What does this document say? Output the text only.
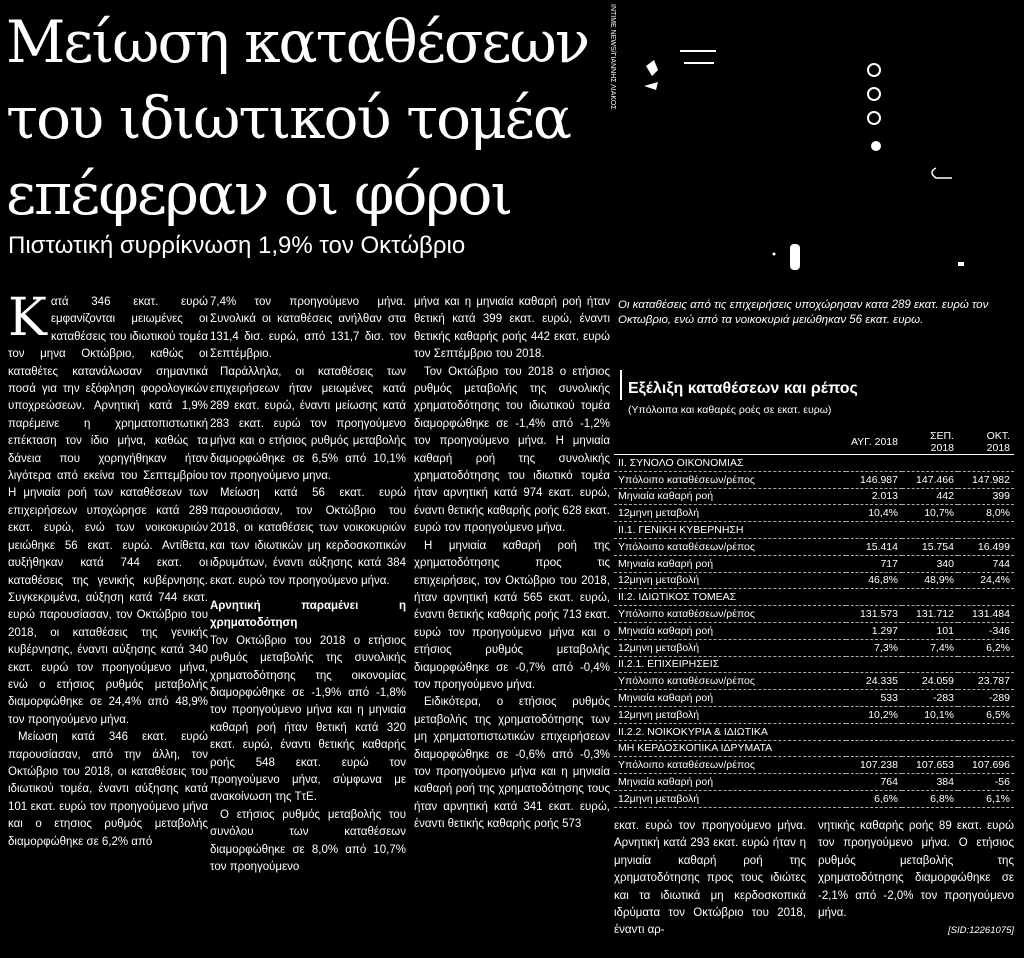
Μείωση καταθέσεων του ιδιωτικού τομέα επέφεραν οι φόροι
Πιστωτική συρρίκνωση 1,9% τον Οκτώβριο
INTIME NEWS/ΓΙΑΝΝΗΣ ΛΙΑΚΟΣ
Κ ατά 346 εκατ. ευρώ εμφανίζονται μειωμένες οι καταθέσεις του ιδιωτικού τομέα τον μηνα Οκτώβριο, καθώς οι καταθέτες κατανάλωσαν σημαντικά ποσά για την εξόφληση φορολογικών υποχρεώσεων. Αρνητική κατά 1,9% παρέμεινε η χρηματοπιστωτική επέκταση τον ίδιο μήνα, καθώς τα δάνεια που χορηγήθηκαν ήταν λιγότερα από εκείνα του Σεπτεμβρίου Η μηνιαία ροή των καταθέσεων των επιχειρήσεων υποχώρησε κατά 289 εκατ. ευρώ, ενώ των νοικοκυριών μειώθηκε 56 εκατ. ευρώ. Αντίθετα, αυξήθηκαν κατά 744 εκατ. οι καταθέσεις της γενικής κυβέρνησης. Συγκεκριμένα, αύξηση κατά 744 εκατ. ευρώ παρουσίασαν, τον Οκτώβριο του 2018, οι καταθέσεις της γενικής κυβέρνησης, έναντι αύξησης κατά 340 εκατ. ευρώ τον προηγούμενο μήνα, ενώ ο ετήσιος ρυθμός μεταβολής διαμορφώθηκε σε 24,4% από 48,9% τον προηγούμενο μήνα.

Μείωση κατά 346 εκατ. ευρώ παρουσίασαν, από την άλλη, τον Οκτώβριο του 2018, οι καταθέσεις του ιδιωτικού τομέα, έναντι αύξησης κατά 101 εκατ. ευρώ τον προηγούμενο μήνα και ο ετησιος ρυθμός μεταβολής διαμορφώθηκε σε 6,2% από

7,4% τον προηγούμενο μήνα. Συνολικά οι καταθέσεις ανήλθαν στα 131,4 δισ. ευρώ, από 131,7 δισ. τον Σεπτέμβριο.

Παράλληλα, οι καταθέσεις των επιχειρήσεων ήταν μειωμένες κατά 289 εκατ. ευρώ, έναντι μείωσης κατά 283 εκατ. ευρώ τον προηγούμενο μήνα και ο ετήσιος ρυθμός μεταβολής διαμορφώθηκε σε 6,5% από 10,1% τον προηγούμενο μηνα.

Μείωση κατά 56 εκατ. ευρώ παρουσιάσαν, τον Οκτώβριο του 2018, οι καταθέσεις των νοικοκυριών και των ιδιωτικών μη κερδοσκοπικών ιδρυμάτων, έναντι αύξησης κατά 384 εκατ. ευρώ τον προηγούμενο μήνα.

Αρνητική παραμένει η χρηματοδότηση

Τον Οκτώβριο του 2018 ο ετήσιος ρυθμός μεταβολής της συνολικής χρηματοδότησης της οικονομίας διαμορφώθηκε σε -1,9% από -1,8% τον προηγούμενο μήνα και η μηνιαία καθαρή ροή ήταν θετική κατά 320 εκατ. ευρώ, έναντι θετικής καθαρής ροής 548 εκατ. ευρώ τον προηγούμενο μήνα, σύμφωνα με ανακοίνωση της ΤτΕ.

Ο ετήσιος ρυθμός μεταβολής του συνόλου των καταθέσεων διαμορφώθηκε σε 8,0% από 10,7% τον προηγούμενο

μήνα και η μηνιαία καθαρή ροή ήταν θετική κατά 399 εκατ. ευρώ, έναντι θετικής καθαρής ροής 442 εκατ. ευρώ τον Σεπτέμβριο του 2018.

Τον Οκτώβριο του 2018 ο ετήσιος ρυθμός μεταβολής της συνολικής χρηματοδότησης του ιδιωτικού τομέα διαμορφώθηκε σε -1,4% από -1,2% τον προηγούμενο μήνα. Η μηνιαία καθαρή ροή της συνολικής χρηματοδότησης του ιδιωτικό τομέα ήταν αρνητική κατά 974 εκατ. ευρώ, έναντι θετικής καθαρής ροής 628 εκατ. ευρώ τον προηγούμενο μήνα.

Η μηνιαία καθαρή ροή της χρηματοδότησης προς τις επιχειρήσεις, τον Οκτώβριο του 2018, ήταν αρνητική κατά 565 εκατ. ευρώ, έναντι θετικής καθαρής ροής 713 εκατ. ευρώ τον προηγούμενο μήνα και ο ετήσιος ρυθμός μεταβολής διαμορφώθηκε σε -0,7% από -0,4% τον προηγούμενο μήνα.

Ειδικότερα, ο ετήσιος ρυθμός μεταβολής της χρηματοδότησης των μη χρηματοπιστωτικών επιχειρήσεων διαμορφώθηκε σε -0,6% από -0,3% τον προηγούμενο μήνα και η μηνιαία καθαρή ροή της χρηματοδότησης τους ήταν αρνητική κατά 341 εκατ. ευρώ, έναντι θετικής καθαρής ροής 573

Οι καταθέσεις από τις επιχειρήσεις υποχώρησαν κατα 289 εκατ. ευρώ τον Οκτωβριο, ενώ από τα νοικοκυριά μειώθηκαν 56 εκατ. ευρω.
Εξέλιξη καταθέσεων και ρέπος
(Υπόλοιπα και καθαρές ροές σε εκατ. ευρω)
	ΑΥΓ. 2018	ΣΕΠ. 2018	ΟΚΤ. 2018
II. ΣΥΝΟΛΟ ΟΙΚΟΝΟΜΙΑΣ			
Υπόλοιπο καταθέσεων/ρέπος	146.987	147.466	147.982
Μηνιαία καθαρή ροή	2.013	442	399
12μηνη μεταβολή	10,4%	10,7%	8,0%
II.1. ΓΕΝΙΚΗ ΚΥΒΕΡΝΗΣΗ			
Υπόλοιπο καταθέσεων/ρέπος	15.414	15.754	16.499
Μηνιαία καθαρή ροή	717	340	744
12μηνη μεταβολή	46,8%	48,9%	24,4%
II.2. ΙΔΙΩΤΙΚΟΣ ΤΟΜΕΑΣ			
Υπόλοιπο καταθέσεων/ρέπος	131.573	131.712	131.484
Μηνιαία καθαρή ροή	1.297	101	-346
12μηνη μεταβολή	7,3%	7,4%	6,2%
II.2.1. ΕΠΙΧΕΙΡΗΣΕΙΣ			
Υπόλοιπο καταθέσεων/ρέπος	24.335	24.059	23.787
Μηνιαία καθαρή ροή	533	-283	-289
12μηνη μεταβολή	10,2%	10,1%	6,5%
II.2.2. ΝΟΙΚΟΚΥΡΙΑ & ΙΔΙΩΤΙΚΑ			
ΜΗ ΚΕΡΔΟΣΚΟΠΙΚΑ ΙΔΡΥΜΑΤΑ			
Υπόλοιπο καταθέσεων/ρέπος	107.238	107.653	107.696
Μηνιαία καθαρή ροή	764	384	-56
12μηνη μεταβολή	6,6%	6,8%	6,1%

εκατ. ευρώ τον προηγούμενο μήνα. Αρνητική κατά 293 εκατ. ευρώ ήταν η μηνιαία καθαρή ροή της χρηματοδότησης προς τους ιδιώτες και τα ιδιωτικά μη κερδοσκοπικά ιδρύματα τον Οκτώβριο του 2018, έναντι αρ-

νητικής καθαρής ροής 89 εκατ. ευρώ τον προηγούμενο μήνα. Ο ετήσιος ρυθμός μεταβολής της χρηματοδότησης διαμορφώθηκε σε -2,1% από -2,0% τον προηγούμενο μήνα.

[SID:12261075]
